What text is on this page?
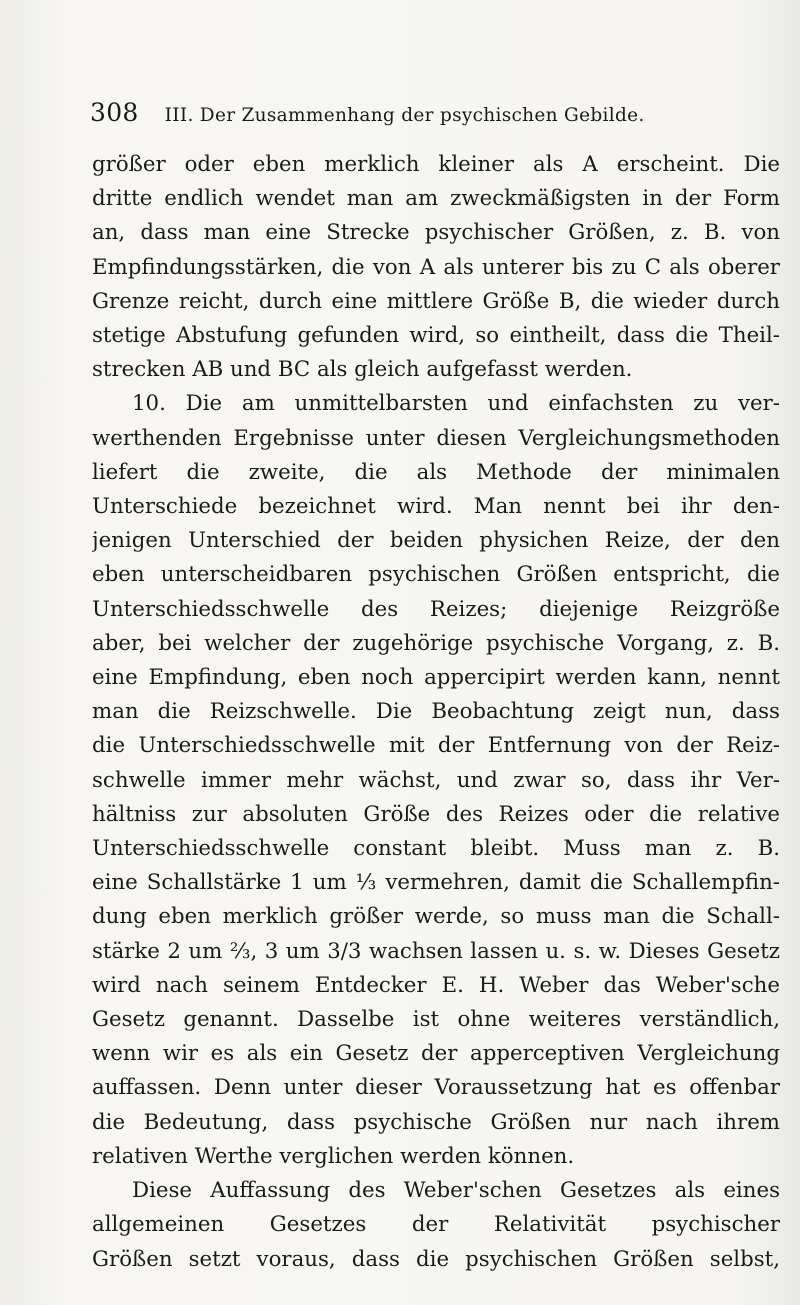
308 III. Der Zusammenhang der psychischen Gebilde.
größer oder eben merklich kleiner als A erscheint. Die
dritte endlich wendet man am zweckmäßigsten in der Form
an, dass man eine Strecke psychischer Größen, z. B. von
Empfindungsstärken, die von A als unterer bis zu C als oberer
Grenze reicht, durch eine mittlere Größe B, die wieder durch
stetige Abstufung gefunden wird, so eintheilt, dass die Theil-
strecken AB und BC als gleich aufgefasst werden.
10. Die am unmittelbarsten und einfachsten zu ver-
werthenden Ergebnisse unter diesen Vergleichungsmethoden
liefert die zweite, die als Methode der minimalen
Unterschiede bezeichnet wird. Man nennt bei ihr den-
jenigen Unterschied der beiden physichen Reize, der den
eben unterscheidbaren psychischen Größen entspricht, die
Unterschiedsschwelle des Reizes; diejenige Reizgröße
aber, bei welcher der zugehörige psychische Vorgang, z. B.
eine Empfindung, eben noch appercipirt werden kann, nennt
man die Reizschwelle. Die Beobachtung zeigt nun, dass
die Unterschiedsschwelle mit der Entfernung von der Reiz-
schwelle immer mehr wächst, und zwar so, dass ihr Ver-
hältniss zur absoluten Größe des Reizes oder die relative
Unterschiedsschwelle constant bleibt. Muss man z. B.
eine Schallstärke 1 um ⅓ vermehren, damit die Schallempfin-
dung eben merklich größer werde, so muss man die Schall-
stärke 2 um ⅔, 3 um 3/3 wachsen lassen u. s. w. Dieses Gesetz
wird nach seinem Entdecker E. H. Weber das Weber'sche
Gesetz genannt. Dasselbe ist ohne weiteres verständlich,
wenn wir es als ein Gesetz der apperceptiven Vergleichung
auffassen. Denn unter dieser Voraussetzung hat es offenbar
die Bedeutung, dass psychische Größen nur nach ihrem
relativen Werthe verglichen werden können.
Diese Auffassung des Weber'schen Gesetzes als eines
allgemeinen Gesetzes der Relativität psychischer
Größen setzt voraus, dass die psychischen Größen selbst,
